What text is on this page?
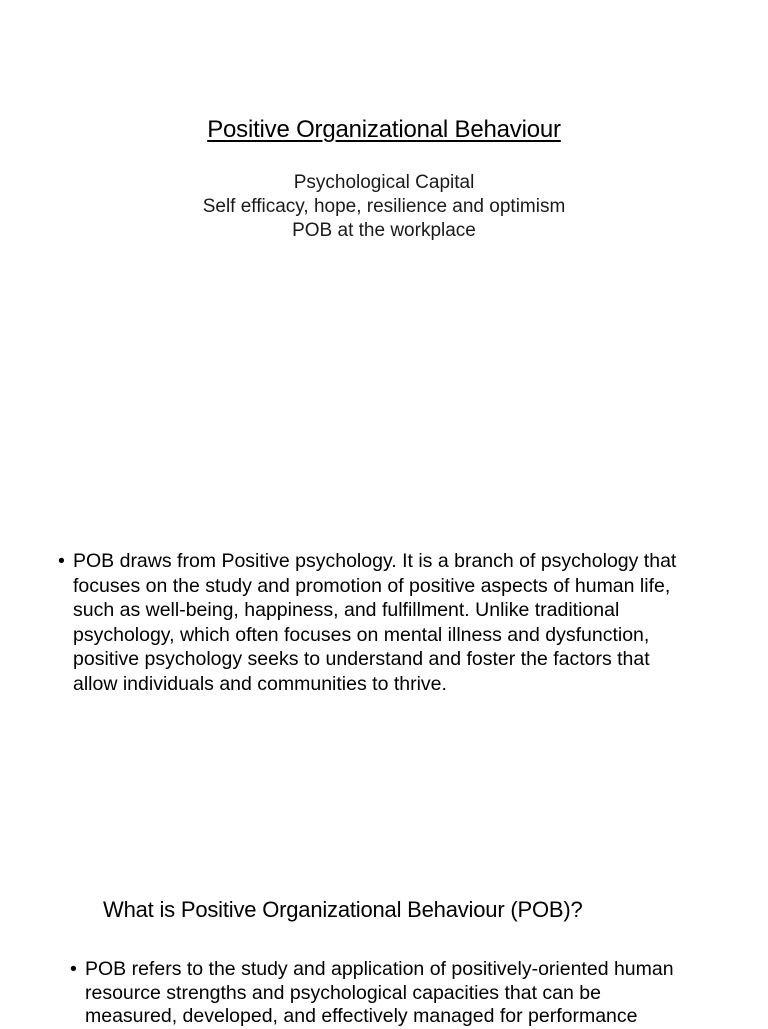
Positive Organizational Behaviour
Psychological Capital
Self efficacy, hope, resilience and optimism
POB at the workplace
• POB draws from Positive psychology. It is a branch of psychology that
focuses on the study and promotion of positive aspects of human life,
such as well-being, happiness, and fulfillment. Unlike traditional
psychology, which often focuses on mental illness and dysfunction,
positive psychology seeks to understand and foster the factors that
allow individuals and communities to thrive.
What is Positive Organizational Behaviour (POB)?
• POB refers to the study and application of positively-oriented human
resource strengths and psychological capacities that can be
measured, developed, and effectively managed for performance
